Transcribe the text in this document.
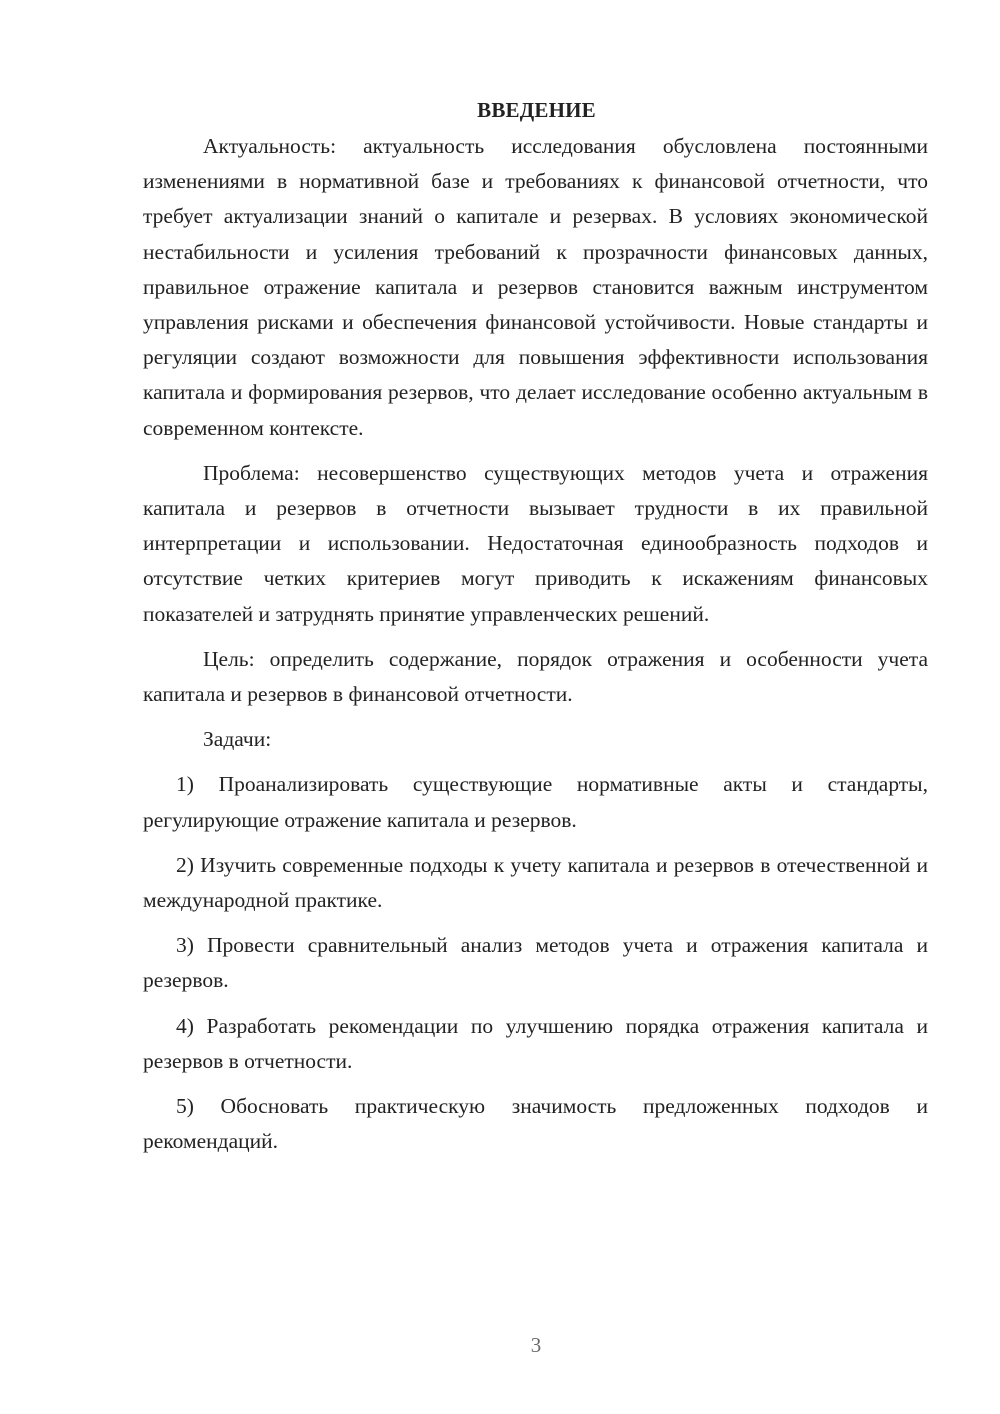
ВВЕДЕНИЕ

Актуальность: актуальность исследования обусловлена постоянными изменениями в нормативной базе и требованиях к финансовой отчетности, что требует актуализации знаний о капитале и резервах. В условиях экономической нестабильности и усиления требований к прозрачности финансовых данных, правильное отражение капитала и резервов становится важным инструментом управления рисками и обеспечения финансовой устойчивости. Новые стандарты и регуляции создают возможности для повышения эффективности использования капитала и формирования резервов, что делает исследование особенно актуальным в современном контексте.

Проблема: несовершенство существующих методов учета и отражения капитала и резервов в отчетности вызывает трудности в их правильной интерпретации и использовании. Недостаточная единообразность подходов и отсутствие четких критериев могут приводить к искажениям финансовых показателей и затруднять принятие управленческих решений.

Цель: определить содержание, порядок отражения и особенности учета капитала и резервов в финансовой отчетности.

Задачи:

1) Проанализировать существующие нормативные акты и стандарты, регулирующие отражение капитала и резервов.

2) Изучить современные подходы к учету капитала и резервов в отечественной и международной практике.

3) Провести сравнительный анализ методов учета и отражения капитала и резервов.

4) Разработать рекомендации по улучшению порядка отражения капитала и резервов в отчетности.

5) Обосновать практическую значимость предложенных подходов и рекомендаций.

3
